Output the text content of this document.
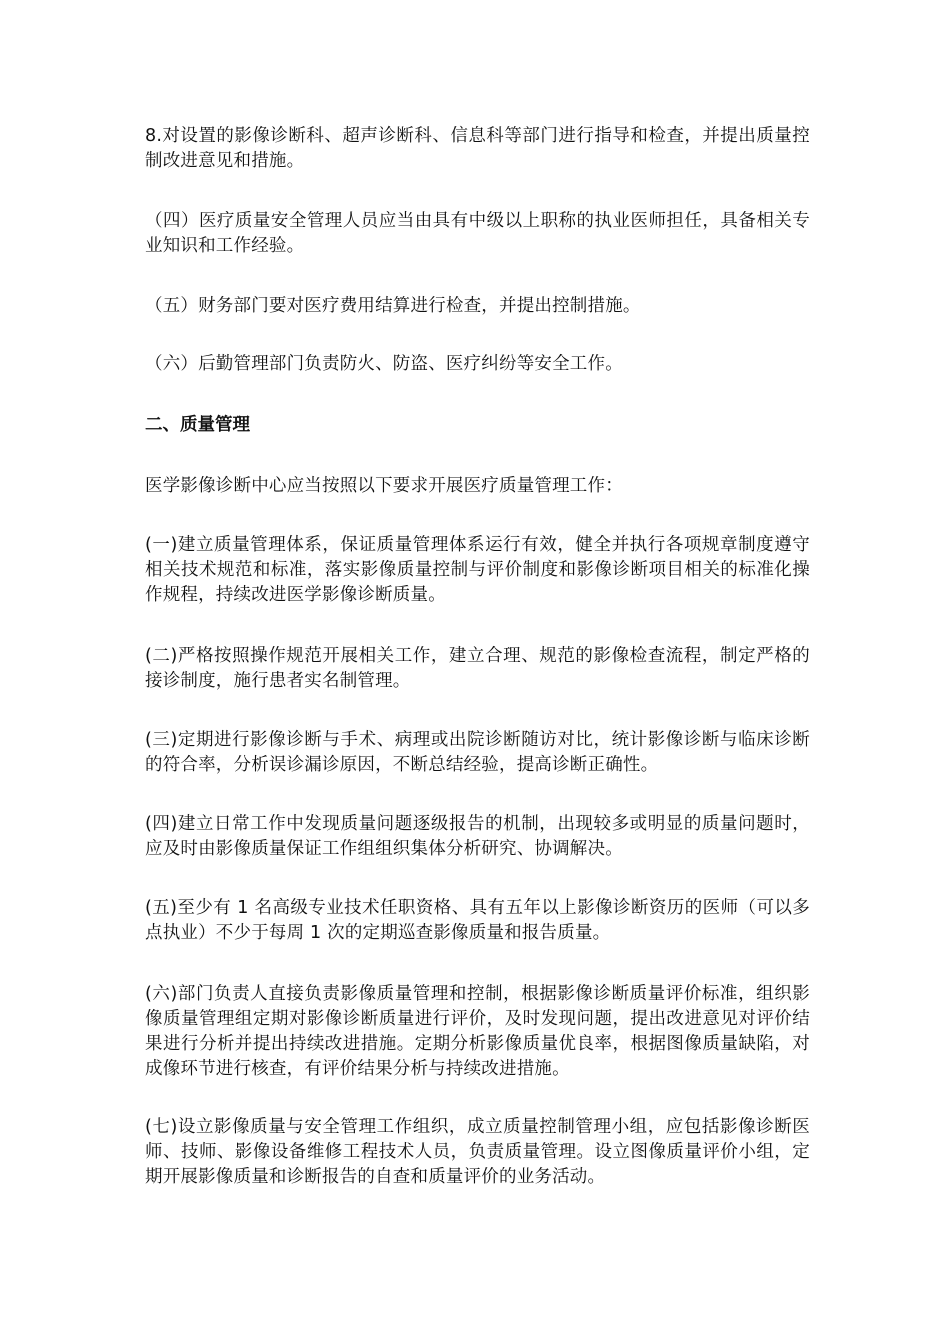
8.对设置的影像诊断科、超声诊断科、信息科等部门进行指导和检查，并提出质量控制改进意见和措施。

（四）医疗质量安全管理人员应当由具有中级以上职称的执业医师担任，具备相关专业知识和工作经验。

（五）财务部门要对医疗费用结算进行检查，并提出控制措施。

（六）后勤管理部门负责防火、防盗、医疗纠纷等安全工作。

二、质量管理

医学影像诊断中心应当按照以下要求开展医疗质量管理工作：

(一)建立质量管理体系，保证质量管理体系运行有效，健全并执行各项规章制度遵守相关技术规范和标准，落实影像质量控制与评价制度和影像诊断项目相关的标准化操作规程，持续改进医学影像诊断质量。

(二)严格按照操作规范开展相关工作，建立合理、规范的影像检查流程，制定严格的接诊制度，施行患者实名制管理。

(三)定期进行影像诊断与手术、病理或出院诊断随访对比，统计影像诊断与临床诊断的符合率，分析误诊漏诊原因，不断总结经验，提高诊断正确性。

(四)建立日常工作中发现质量问题逐级报告的机制，出现较多或明显的质量问题时，应及时由影像质量保证工作组组织集体分析研究、协调解决。

(五)至少有 1 名高级专业技术任职资格、具有五年以上影像诊断资历的医师（可以多点执业）不少于每周 1 次的定期巡查影像质量和报告质量。

(六)部门负责人直接负责影像质量管理和控制，根据影像诊断质量评价标准，组织影像质量管理组定期对影像诊断质量进行评价，及时发现问题，提出改进意见对评价结果进行分析并提出持续改进措施。定期分析影像质量优良率，根据图像质量缺陷，对成像环节进行核查，有评价结果分析与持续改进措施。

(七)设立影像质量与安全管理工作组织，成立质量控制管理小组，应包括影像诊断医师、技师、影像设备维修工程技术人员，负责质量管理。设立图像质量评价小组，定期开展影像质量和诊断报告的自查和质量评价的业务活动。
